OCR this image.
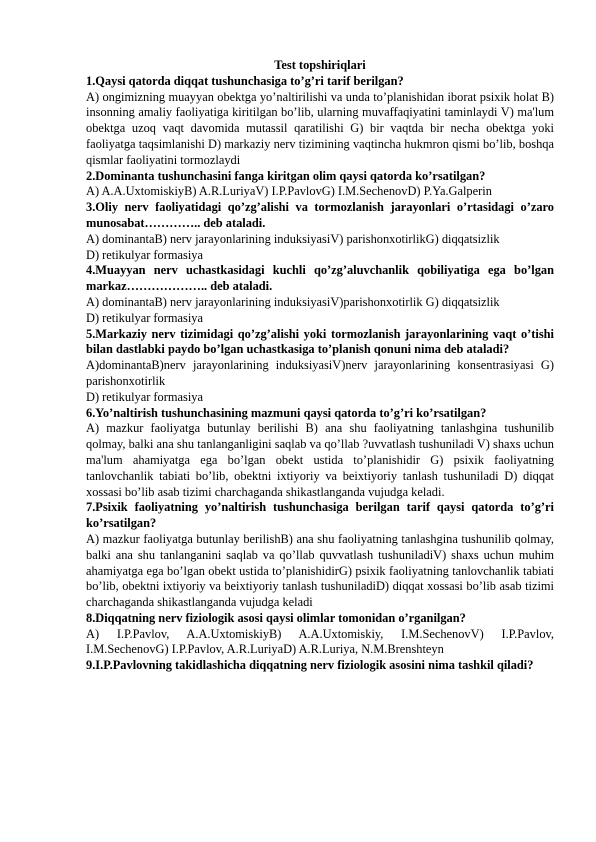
Test topshiriqlari

1.Qaysi qatorda diqqat tushunchasiga to’g’ri tarif berilgan?

A) ongimizning muayyan obektga yo’naltirilishi va unda to’planishidan iborat psixik holat B) insonning amaliy faoliyatiga kiritilgan bo’lib, ularning muvaffaqiyatini taminlaydi V) ma'lum obektga uzoq vaqt davomida mutassil qaratilishi G) bir vaqtda bir necha obektga yoki faoliyatga taqsimlanishi D) markaziy nerv tizimining vaqtincha hukmron qismi bo’lib, boshqa qismlar faoliyatini tormozlaydi

2.Dominanta tushunchasini fanga kiritgan olim qaysi qatorda ko’rsatilgan?

A) A.A.UxtomiskiyB) A.R.LuriyaV) I.P.PavlovG) I.M.SechenovD) P.Ya.Galperin

3.Oliy nerv faoliyatidagi qo’zg’alishi va tormozlanish jarayonlari o’rtasidagi o’zaro munosabat………….. deb ataladi.

A) dominantaB) nerv jarayonlarining induksiyasiV) parishonxotirlikG) diqqatsizlik

D) retikulyar formasiya

4.Muayyan nerv uchastkasidagi kuchli qo’zg’aluvchanlik qobiliyatiga ega bo’lgan markaz……………….. deb ataladi.

A) dominantaB) nerv jarayonlarining induksiyasiV)parishonxotirlik G) diqqatsizlik

D) retikulyar formasiya

5.Markaziy nerv tizimidagi qo’zg’alishi yoki tormozlanish jarayonlarining vaqt o’tishi bilan dastlabki paydo bo’lgan uchastkasiga to’planish qonuni nima deb ataladi?

A)dominantaB)nerv jarayonlarining induksiyasiV)nerv jarayonlarining konsentrasiyasi G) parishonxotirlik

D) retikulyar formasiya

6.Yo’naltirish tushunchasining mazmuni qaysi qatorda to’g’ri ko’rsatilgan?

A) mazkur faoliyatga butunlay berilishi B) ana shu faoliyatning tanlashgina tushunilib qolmay, balki ana shu tanlanganligini saqlab va qo’llab ?uvvatlash tushuniladi V) shaxs uchun ma'lum ahamiyatga ega bo’lgan obekt ustida to’planishidir G) psixik faoliyatning tanlovchanlik tabiati bo’lib, obektni ixtiyoriy va beixtiyoriy tanlash tushuniladi D) diqqat xossasi bo’lib asab tizimi charchaganda shikastlanganda vujudga keladi.

7.Psixik faoliyatning yo’naltirish tushunchasiga berilgan tarif qaysi qatorda to’g’ri ko’rsatilgan?

A) mazkur faoliyatga butunlay berilishB) ana shu faoliyatning tanlashgina tushunilib qolmay, balki ana shu tanlanganini saqlab va qo’llab quvvatlash tushuniladiV) shaxs uchun muhim ahamiyatga ega bo’lgan obekt ustida to’planishidirG) psixik faoliyatning tanlovchanlik tabiati bo’lib, obektni ixtiyoriy va beixtiyoriy tanlash tushuniladiD) diqqat xossasi bo’lib asab tizimi charchaganda shikastlanganda vujudga keladi

8.Diqqatning nerv fiziologik asosi qaysi olimlar tomonidan o’rganilgan?

A) I.P.Pavlov, A.A.UxtomiskiyB) A.A.Uxtomiskiy, I.M.SechenovV) I.P.Pavlov, I.M.SechenovG) I.P.Pavlov, A.R.LuriyaD) A.R.Luriya, N.M.Brenshteyn

9.I.P.Pavlovning takidlashicha diqqatning nerv fiziologik asosini nima tashkil qiladi?
